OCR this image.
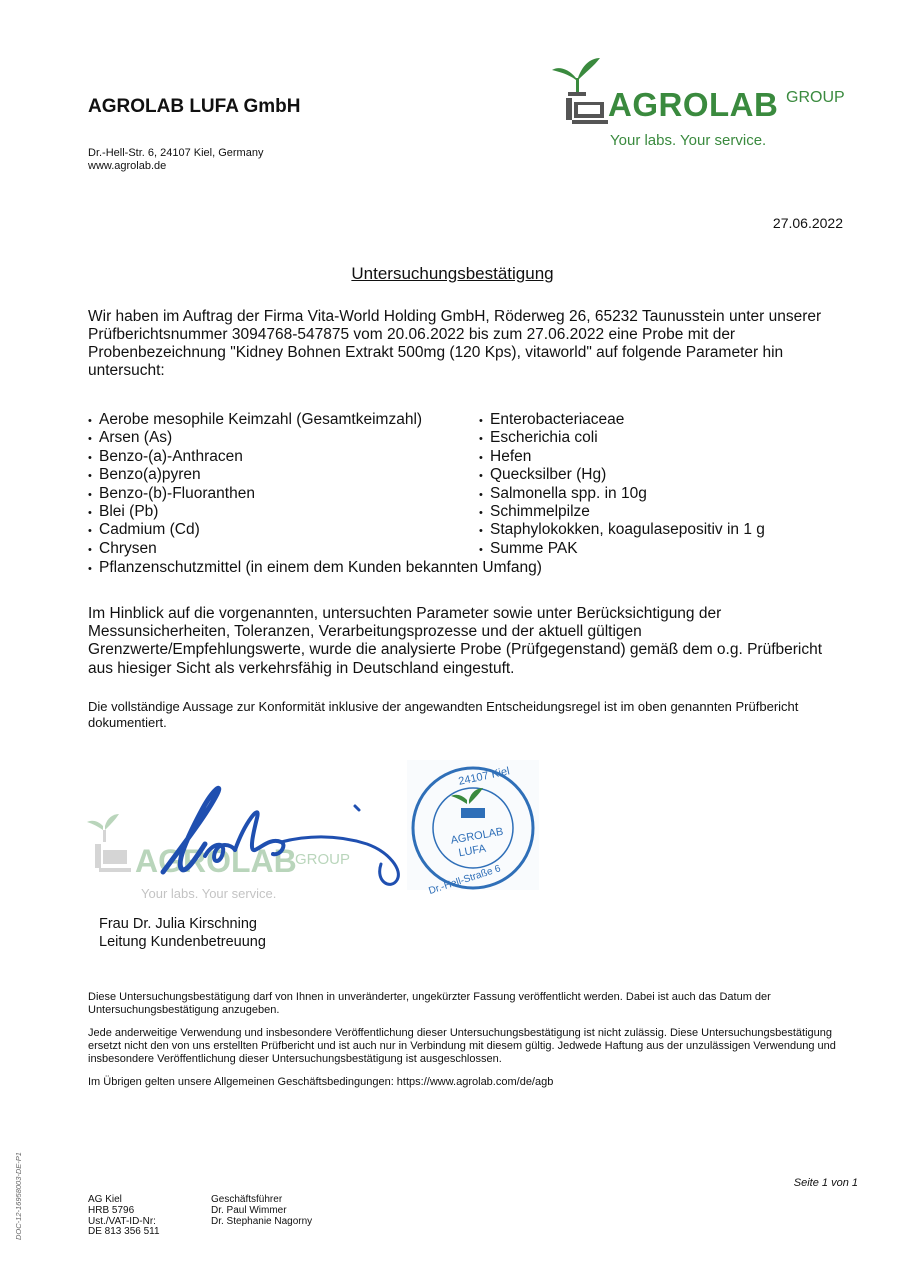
AGROLAB LUFA GmbH
Dr.-Hell-Str. 6, 24107 Kiel, Germany
www.agrolab.de
AGROLAB GROUP
Your labs. Your service.
27.06.2022
Untersuchungsbestätigung
Wir haben im Auftrag der Firma Vita-World Holding GmbH, Röderweg 26, 65232 Taunusstein unter unserer Prüfberichtsnummer 3094768-547875 vom 20.06.2022 bis zum 27.06.2022 eine Probe mit der Probenbezeichnung "Kidney Bohnen Extrakt 500mg (120 Kps), vitaworld" auf folgende Parameter hin untersucht:
• Aerobe mesophile Keimzahl (Gesamtkeimzahl)
• Arsen (As)
• Benzo-(a)-Anthracen
• Benzo(a)pyren
• Benzo-(b)-Fluoranthen
• Blei (Pb)
• Cadmium (Cd)
• Chrysen
• Enterobacteriaceae
• Escherichia coli
• Hefen
• Quecksilber (Hg)
• Salmonella spp. in 10g
• Schimmelpilze
• Staphylokokken, koagulasepositiv in 1 g
• Summe PAK
• Pflanzenschutzmittel (in einem dem Kunden bekannten Umfang)
Im Hinblick auf die vorgenannten, untersuchten Parameter sowie unter Berücksichtigung der Messunsicherheiten, Toleranzen, Verarbeitungsprozesse und der aktuell gültigen Grenzwerte/Empfehlungswerte, wurde die analysierte Probe (Prüfgegenstand) gemäß dem o.g. Prüfbericht aus hiesiger Sicht als verkehrsfähig in Deutschland eingestuft.
Die vollständige Aussage zur Konformität inklusive der angewandten Entscheidungsregel ist im oben genannten Prüfbericht dokumentiert.
AGROLAB
GROUP
Your labs. Your service.
24107 Kiel
AGROLAB
LUFA
Dr.-Hell-Straße 6
Frau Dr. Julia Kirschning
Leitung Kundenbetreuung

Diese Untersuchungsbestätigung darf von Ihnen in unveränderter, ungekürzter Fassung veröffentlicht werden. Dabei ist auch das Datum der Untersuchungsbestätigung anzugeben.

Jede anderweitige Verwendung und insbesondere Veröffentlichung dieser Untersuchungsbestätigung ist nicht zulässig. Diese Untersuchungsbestätigung ersetzt nicht den von uns erstellten Prüfbericht und ist auch nur in Verbindung mit diesem gültig. Jedwede Haftung aus der unzulässigen Verwendung und insbesondere Veröffentlichung dieser Untersuchungsbestätigung ist ausgeschlossen.

Im Übrigen gelten unsere Allgemeinen Geschäftsbedingungen: https://www.agrolab.com/de/agb

Seite 1 von 1
AG Kiel
HRB 5796
Ust./VAT-ID-Nr:
DE 813 356 511
Geschäftsführer
Dr. Paul Wimmer
Dr. Stephanie Nagorny
DOC-12-16958003-DE-P1
